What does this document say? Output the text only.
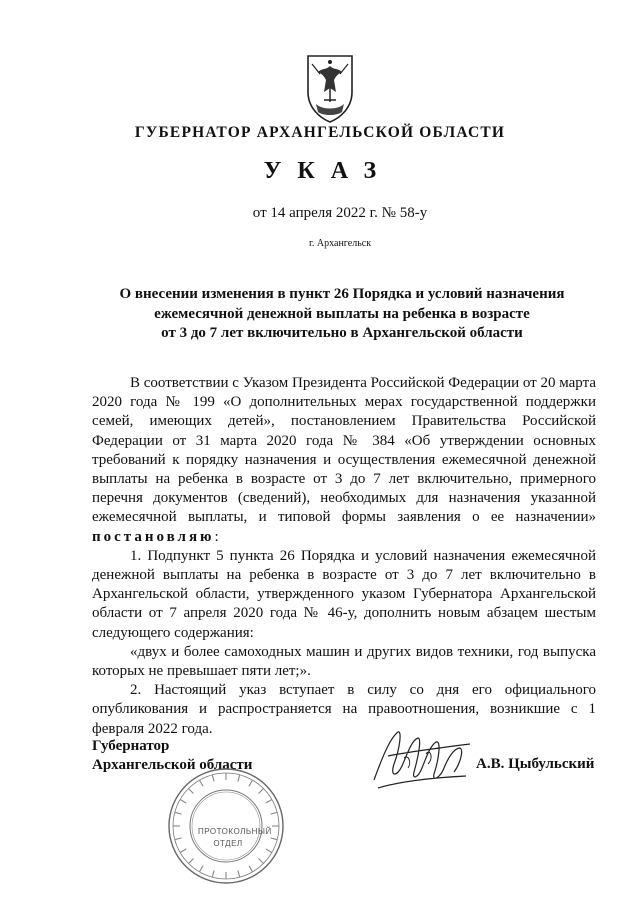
ГУБЕРНАТОР АРХАНГЕЛЬСКОЙ ОБЛАСТИ
УКАЗ
от 14 апреля 2022 г. № 58-у
г. Архангельск
О внесении изменения в пункт 26 Порядка и условий назначения
ежемесячной денежной выплаты на ребенка в возрасте
от 3 до 7 лет включительно в Архангельской области

В соответствии с Указом Президента Российской Федерации от 20 марта 2020 года № 199 «О дополнительных мерах государственной поддержки семей, имеющих детей», постановлением Правительства Российской Федерации от 31 марта 2020 года № 384 «Об утверждении основных требований к порядку назначения и осуществления ежемесячной денежной выплаты на ребенка в возрасте от 3 до 7 лет включительно, примерного перечня документов (сведений), необходимых для назначения указанной ежемесячной выплаты, и типовой формы заявления о ее назначении» постановляю:

1. Подпункт 5 пункта 26 Порядка и условий назначения ежемесячной денежной выплаты на ребенка в возрасте от 3 до 7 лет включительно в Архангельской области, утвержденного указом Губернатора Архангельской области от 7 апреля 2020 года № 46-у, дополнить новым абзацем шестым следующего содержания:

«двух и более самоходных машин и других видов техники, год выпуска которых не превышает пяти лет;».

2. Настоящий указ вступает в силу со дня его официального опубликования и распространяется на правоотношения, возникшие с 1 февраля 2022 года.

Губернатор
Архангельской области	А.В. Цыбульский
ПРОТОКОЛЬНЫЙ
ОТДЕЛ
